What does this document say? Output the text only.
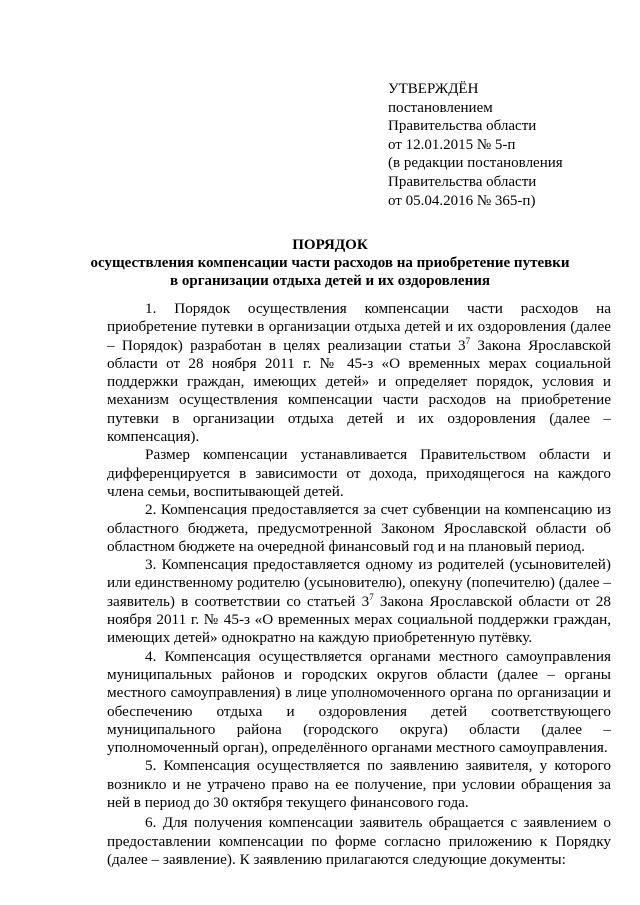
УТВЕРЖДЁН
постановлением
Правительства области
от 12.01.2015 № 5-п
(в редакции постановления
Правительства области
от 05.04.2016 № 365-п)
ПОРЯДОК
осуществления компенсации части расходов на приобретение путевки
в организации отдыха детей и их оздоровления

1. Порядок осуществления компенсации части расходов на приобретение путевки в организации отдыха детей и их оздоровления (далее – Порядок) разработан в целях реализации статьи $3^7$ Закона Ярославской области от 28 ноября 2011 г. № 45-з «О временных мерах социальной поддержки граждан, имеющих детей» и определяет порядок, условия и механизм осуществления компенсации части расходов на приобретение путевки в организации отдыха детей и их оздоровления (далее – компенсация).

Размер компенсации устанавливается Правительством области и дифференцируется в зависимости от дохода, приходящегося на каждого члена семьи, воспитывающей детей.

2. Компенсация предоставляется за счет субвенции на компенсацию из областного бюджета, предусмотренной Законом Ярославской области об областном бюджете на очередной финансовый год и на плановый период.

3. Компенсация предоставляется одному из родителей (усыновителей) или единственному родителю (усыновителю), опекуну (попечителю) (далее – заявитель) в соответствии со статьей $3^7$ Закона Ярославской области от 28 ноября 2011 г. № 45-з «О временных мерах социальной поддержки граждан, имеющих детей» однократно на каждую приобретенную путёвку.

4. Компенсация осуществляется органами местного самоуправления муниципальных районов и городских округов области (далее – органы местного самоуправления) в лице уполномоченного органа по организации и обеспечению отдыха и оздоровления детей соответствующего муниципального района (городского округа) области (далее – уполномоченный орган), определённого органами местного самоуправления.

5. Компенсация осуществляется по заявлению заявителя, у которого возникло и не утрачено право на ее получение, при условии обращения за ней в период до 30 октября текущего финансового года.

6. Для получения компенсации заявитель обращается с заявлением о предоставлении компенсации по форме согласно приложению к Порядку (далее – заявление). К заявлению прилагаются следующие документы:
